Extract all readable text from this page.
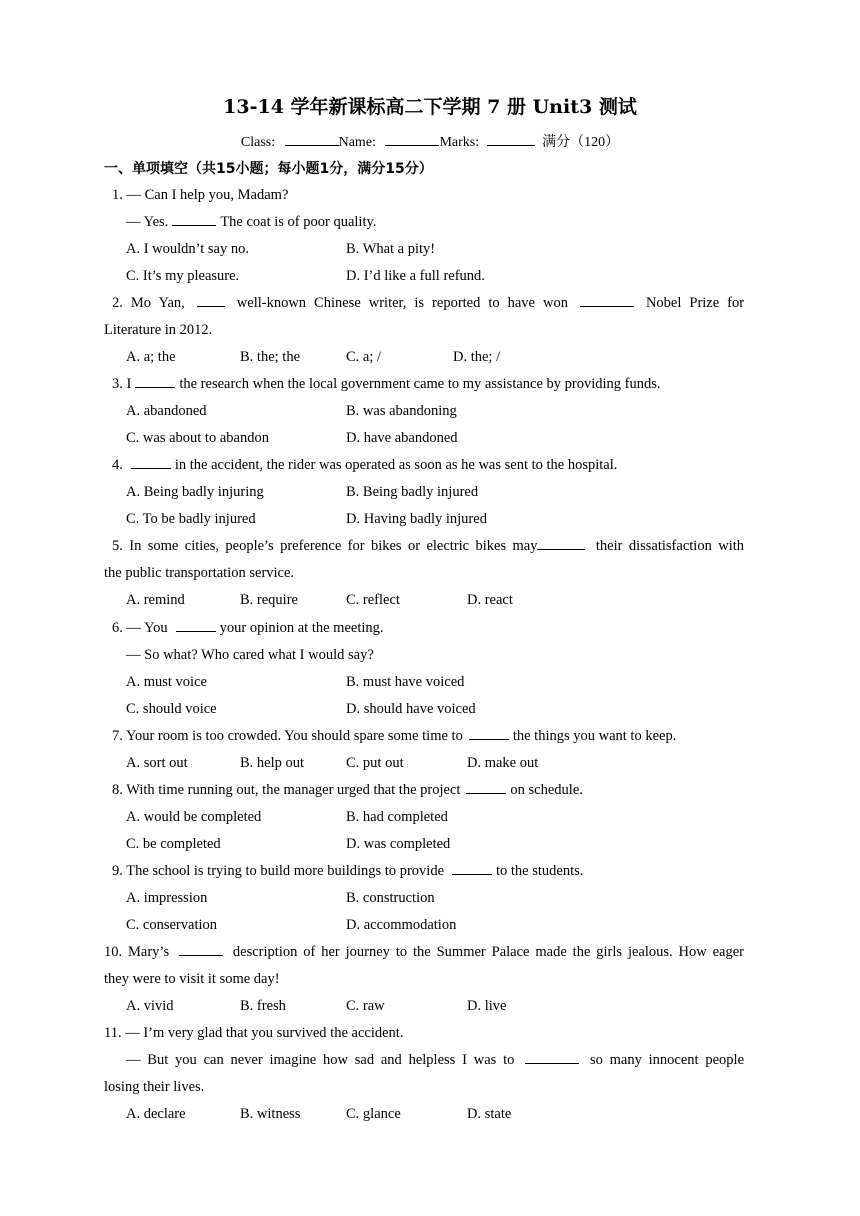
13-14 学年新课标高二下学期 7 册 Unit3 测试
Class:	Name:	Marks:	满分（120）
一、单项填空（共15小题；每小题1分，满分15分）
1. — Can I help you, Madam?
— Yes.	The coat is of poor quality.
A. I wouldn’t say no.	B. What a pity!
C. It’s my pleasure.	D. I’d like a full refund.
2. Mo Yan,	well-known Chinese writer, is reported to have won	Nobel Prize for
Literature in 2012.
A. a; the	B. the; the	C. a; /	D. the; /
3. I	the research when the local government came to my assistance by providing funds.
A. abandoned	B. was abandoning
C. was about to abandon	D. have abandoned
4.	in the accident, the rider was operated as soon as he was sent to the hospital.
A. Being badly injuring	B. Being badly injured
C. To be badly injured	D. Having badly injured
5. In some cities, people’s preference for bikes or electric bikes may	their dissatisfaction with
the public transportation service.
A. remind	B. require	C. reflect	D. react
6. — You	your opinion at the meeting.
— So what? Who cared what I would say?
A. must voice	B. must have voiced
C. should voice	D. should have voiced
7. Your room is too crowded. You should spare some time to	the things you want to keep.
A. sort out	B. help out	C. put out	D. make out
8. With time running out, the manager urged that the project	on schedule.
A. would be completed	B. had completed
C. be completed	D. was completed
9. The school is trying to build more buildings to provide	to the students.
A. impression	B. construction
C. conservation	D. accommodation
10. Mary’s	description of her journey to the Summer Palace made the girls jealous. How eager
they were to visit it some day!
A. vivid	B. fresh	C. raw	D. live
11. — I’m very glad that you survived the accident.
— But you can never imagine how sad and helpless I was to	so many innocent people
losing their lives.
A. declare	B. witness	C. glance	D. state
